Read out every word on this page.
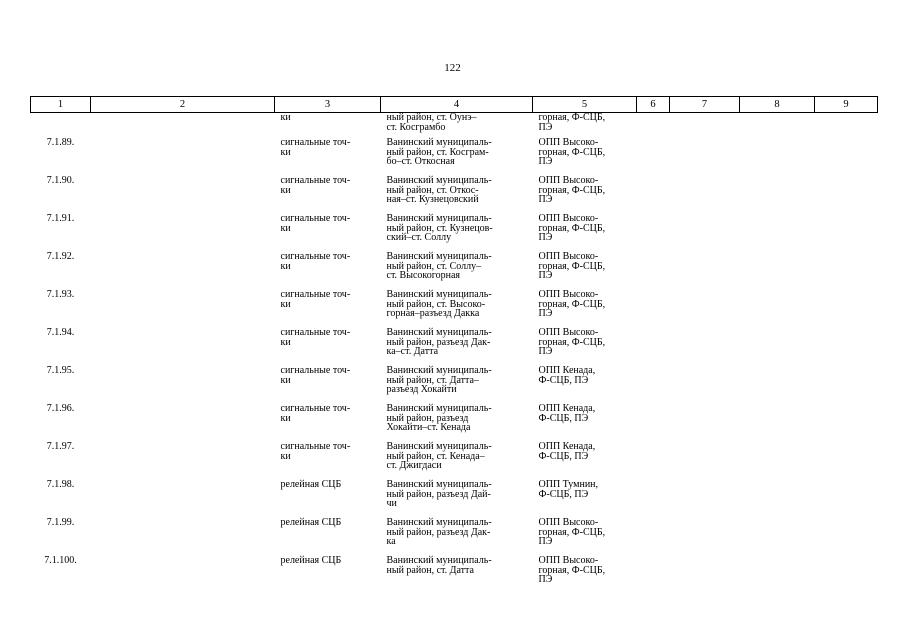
122
1	2	3	4	5	6	7	8	9
		ки	ный район, ст. Оунэ–
ст. Косграмбо	горная, Ф-СЦБ,
ПЭ				
7.1.89.		сигнальные точ-
ки	Ванинский муниципаль-
ный район, ст. Косграм-
бо–ст. Откосная	ОПП Высоко-
горная, Ф-СЦБ,
ПЭ				
7.1.90.		сигнальные точ-
ки	Ванинский муниципаль-
ный район, ст. Откос-
ная–ст. Кузнецовский	ОПП Высоко-
горная, Ф-СЦБ,
ПЭ				
7.1.91.		сигнальные точ-
ки	Ванинский муниципаль-
ный район, ст. Кузнецов-
ский–ст. Соллу	ОПП Высоко-
горная, Ф-СЦБ,
ПЭ				
7.1.92.		сигнальные точ-
ки	Ванинский муниципаль-
ный район, ст. Соллу–
ст. Высокогорная	ОПП Высоко-
горная, Ф-СЦБ,
ПЭ				
7.1.93.		сигнальные точ-
ки	Ванинский муниципаль-
ный район, ст. Высоко-
горная–разъезд Дакка	ОПП Высоко-
горная, Ф-СЦБ,
ПЭ				
7.1.94.		сигнальные точ-
ки	Ванинский муниципаль-
ный район, разъезд Дак-
ка–ст. Датта	ОПП Высоко-
горная, Ф-СЦБ,
ПЭ				
7.1.95.		сигнальные точ-
ки	Ванинский муниципаль-
ный район, ст. Датта–
разъезд Хокайти	ОПП Кенада,
Ф-СЦБ, ПЭ				
7.1.96.		сигнальные точ-
ки	Ванинский муниципаль-
ный район, разъезд
Хокайти–ст. Кенада	ОПП Кенада,
Ф-СЦБ, ПЭ				
7.1.97.		сигнальные точ-
ки	Ванинский муниципаль-
ный район, ст. Кенада–
ст. Джигдаси	ОПП Кенада,
Ф-СЦБ, ПЭ				
7.1.98.		релейная СЦБ	Ванинский муниципаль-
ный район, разъезд Дай-
чи	ОПП Тумнин,
Ф-СЦБ, ПЭ				
7.1.99.		релейная СЦБ	Ванинский муниципаль-
ный район, разъезд Дак-
ка	ОПП Высоко-
горная, Ф-СЦБ,
ПЭ				
7.1.100.		релейная СЦБ	Ванинский муниципаль-
ный район, ст. Датта	ОПП Высоко-
горная, Ф-СЦБ,
ПЭ				
